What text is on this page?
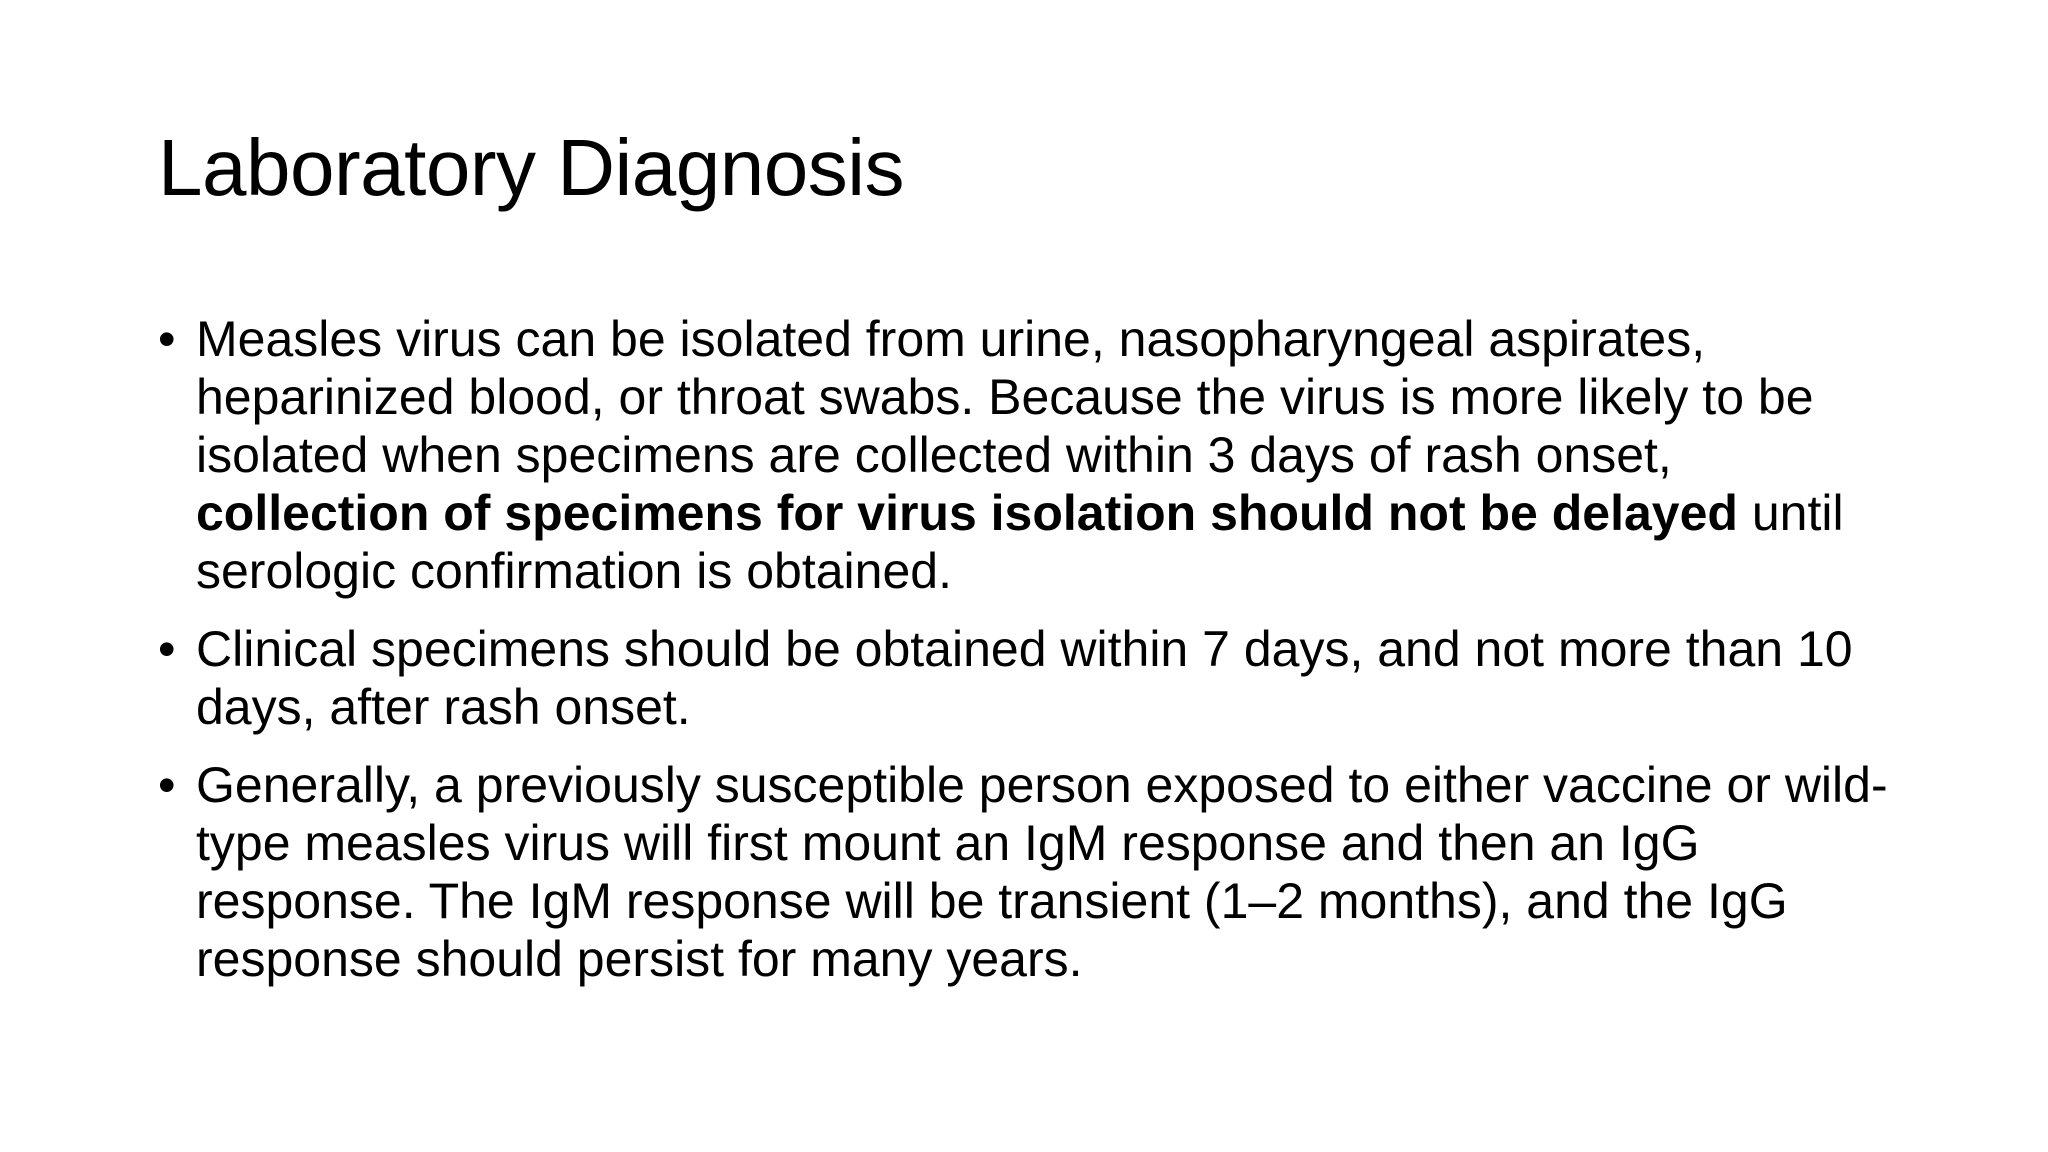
Laboratory Diagnosis
• Measles virus can be isolated from urine, nasopharyngeal aspirates, heparinized blood, or throat swabs. Because the virus is more likely to be isolated when specimens are collected within 3 days of rash onset, collection of specimens for virus isolation should not be delayed until serologic confirmation is obtained.
• Clinical specimens should be obtained within 7 days, and not more than 10 days, after rash onset.
• Generally, a previously susceptible person exposed to either vaccine or wild-type measles virus will first mount an IgM response and then an IgG response. The IgM response will be transient (1–2 months), and the IgG response should persist for many years.
